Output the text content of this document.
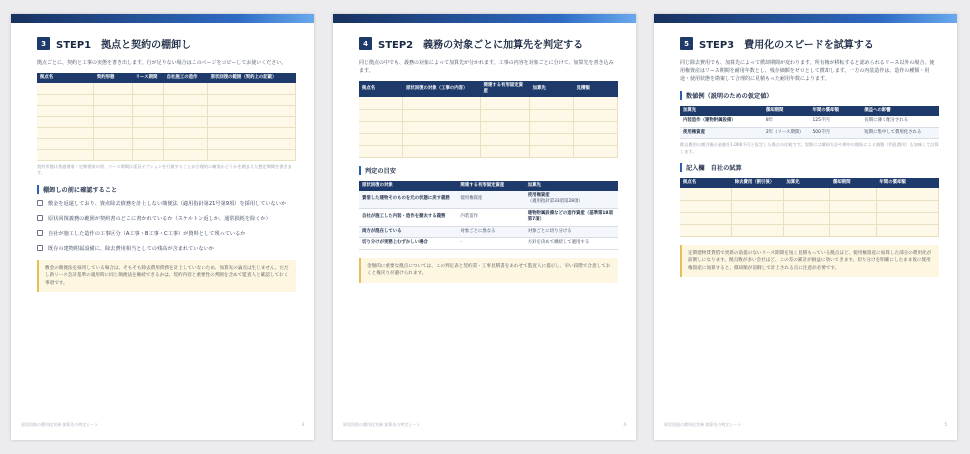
3	STEP1　拠点と契約の棚卸し
拠点ごとに、契約と工事の実態を書き出します。行が足りない場合はこのページをコピーしてお使いください。
拠点名	契約形態	リース期間	自社施工の造作	原状回復の範囲（契約上の記載）

契約形態は普通借家・定期借家の別、リース期間は延長オプションを行使することが合理的に確実かどうかを踏まえた想定期間を書きます。
棚卸しの前に確認すること
敷金を返還しており、資産除去債務を計上しない簡便法（適用指針第21号第9項）を採用していないか
原状回復義務の範囲が契約書のどこに書かれているか（スケルトン返しか、通常損耗を除くか）
自社が施工した造作の工事区分（A工事・B工事・C工事）が資料として残っているか
既存の建物附属設備に、除去費用相当としての残高が含まれていないか
敷金の簡便法を採用している場合は、そもそも除去費用債務を計上していないため、加算先の論点は生じません。ただし新リース会計基準の適用時に同じ簡便法を継続できるかは、契約内容と重要性の判断を含めて監査人と確認しておく事項です。
原状回復の費用化実務 加算先の判定シート	3
4	STEP2　義務の対象ごとに加算先を判定する
同じ拠点の中でも、義務の対象によって加算先が分かれます。工事の内容を対象ごとに分けて、加算先を書き込みます。
拠点名	原状回復の対象（工事の内容）	関連する有形固定資産	加算先	見積額

判定の目安
原状回復の対象	関連する有形固定資産	加算先
賃借した建物そのものを元の状態に戻す義務	使用権資産	使用権資産
（適用指針第33項第28項）
自社が施工した内装・造作を撤去する義務	内装造作	建物附属設備などの造作資産（基準第18項第7項）
両方が混在している	対象ごとに異なる	対象ごとに切り分ける
切り分けが実務上むずかしい場合	-	方針を決めて継続して適用する
金額的に重要な拠点については、この判定表と契約書・工事見積書をあわせて監査人に提示し、早い段階で合意しておくと後戻りが避けられます。
原状回復の費用化実務 加算先の判定シート	4
5	STEP3　費用化のスピードを試算する
同じ除去費用でも、加算先によって償却期間が変わります。所有権が移転すると認められるリース以外の場合、使用権資産はリース期間を耐用年数とし、残存価額をゼロとして償却します。一方の内装造作は、造作の種類・用途・使用状態を勘案して合理的に見積もった耐用年数によります。
数値例（説明のための仮定値）
加算先	償却期間	年間の償却額	損益への影響
内装造作（建物附属設備）	8年	125千円	長期に薄く配分される
使用権資産	2年（リース期間）	500千円	短期に集中して費用化される
除去費用の割引後の金額を1,000千円と仮定した場合の比較です。実際には償却方法や期中の開始による調整（利息費用）も加味して計算します。
記入欄　自社の試算
拠点名	除去費用（割引後）	加算先	償却期間	年間の償却額

定期建物賃貸借で更新の前提のないリース期間を短く見積もっている拠点ほど、使用権資産に加算した部分の費用化が前倒しになります。拠点数が多い会社ほど、この差の累計が損益に効いてきます。切り分けを明確にしたまま仮に使用権資産に加算すると、償却額が前倒しで計上される点に注意が必要です。
原状回復の費用化実務 加算先の判定シート	5
